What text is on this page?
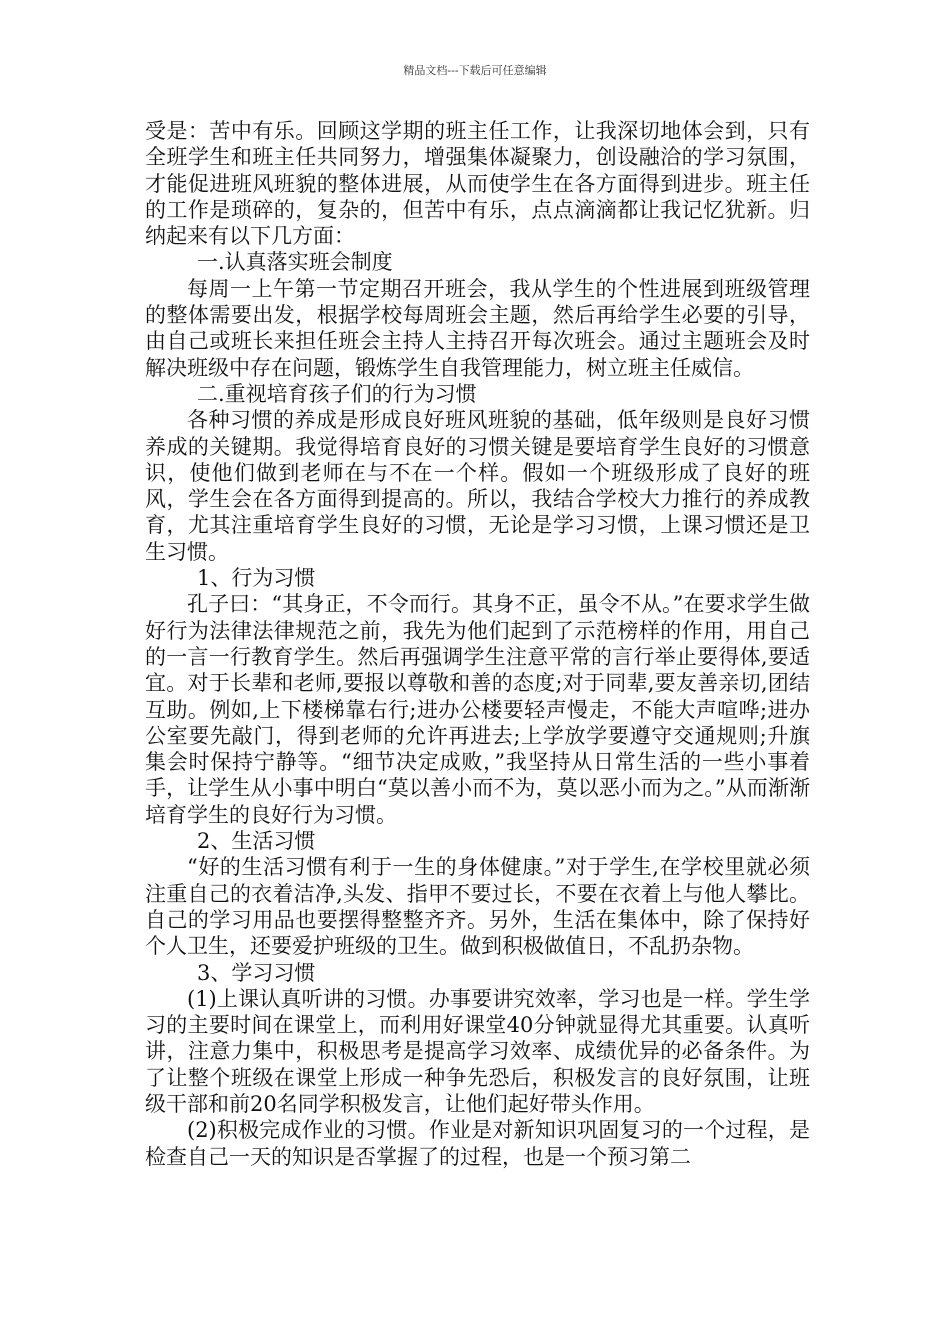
精品文档---下载后可任意编辑

受是：苦中有乐。回顾这学期的班主任工作，让我深切地体会到，只有全班学生和班主任共同努力，增强集体凝聚力，创设融洽的学习氛围，才能促进班风班貌的整体进展，从而使学生在各方面得到进步。班主任的工作是琐碎的，复杂的，但苦中有乐，点点滴滴都让我记忆犹新。归纳起来有以下几方面：

一.认真落实班会制度

每周一上午第一节定期召开班会，我从学生的个性进展到班级管理的整体需要出发，根据学校每周班会主题，然后再给学生必要的引导，由自己或班长来担任班会主持人主持召开每次班会。通过主题班会及时解决班级中存在问题，锻炼学生自我管理能力，树立班主任威信。

二.重视培育孩子们的行为习惯

各种习惯的养成是形成良好班风班貌的基础，低年级则是良好习惯养成的关键期。我觉得培育良好的习惯关键是要培育学生良好的习惯意识，使他们做到老师在与不在一个样。假如一个班级形成了良好的班风，学生会在各方面得到提高的。所以，我结合学校大力推行的养成教育，尤其注重培育学生良好的习惯，无论是学习习惯，上课习惯还是卫生习惯。

1、行为习惯

孔子曰：“其身正，不令而行。其身不正，虽令不从。”在要求学生做好行为法律法律规范之前，我先为他们起到了示范榜样的作用，用自己的一言一行教育学生。然后再强调学生注意平常的言行举止要得体,要适宜。对于长辈和老师,要报以尊敬和善的态度;对于同辈,要友善亲切,团结互助。例如,上下楼梯靠右行;进办公楼要轻声慢走，不能大声喧哗;进办公室要先敲门，得到老师的允许再进去;上学放学要遵守交通规则;升旗集会时保持宁静等。“细节决定成败，”我坚持从日常生活的一些小事着手，让学生从小事中明白“莫以善小而不为，莫以恶小而为之。”从而渐渐培育学生的良好行为习惯。

2、生活习惯

“好的生活习惯有利于一生的身体健康。”对于学生,在学校里就必须注重自己的衣着洁净,头发、指甲不要过长，不要在衣着上与他人攀比。自己的学习用品也要摆得整整齐齐。另外，生活在集体中，除了保持好个人卫生，还要爱护班级的卫生。做到积极做值日，不乱扔杂物。

3、学习习惯

(1)上课认真听讲的习惯。办事要讲究效率，学习也是一样。学生学习的主要时间在课堂上，而利用好课堂40分钟就显得尤其重要。认真听讲，注意力集中，积极思考是提高学习效率、成绩优异的必备条件。为了让整个班级在课堂上形成一种争先恐后，积极发言的良好氛围，让班级干部和前20名同学积极发言，让他们起好带头作用。

(2)积极完成作业的习惯。作业是对新知识巩固复习的一个过程，是检查自己一天的知识是否掌握了的过程，也是一个预习第二
